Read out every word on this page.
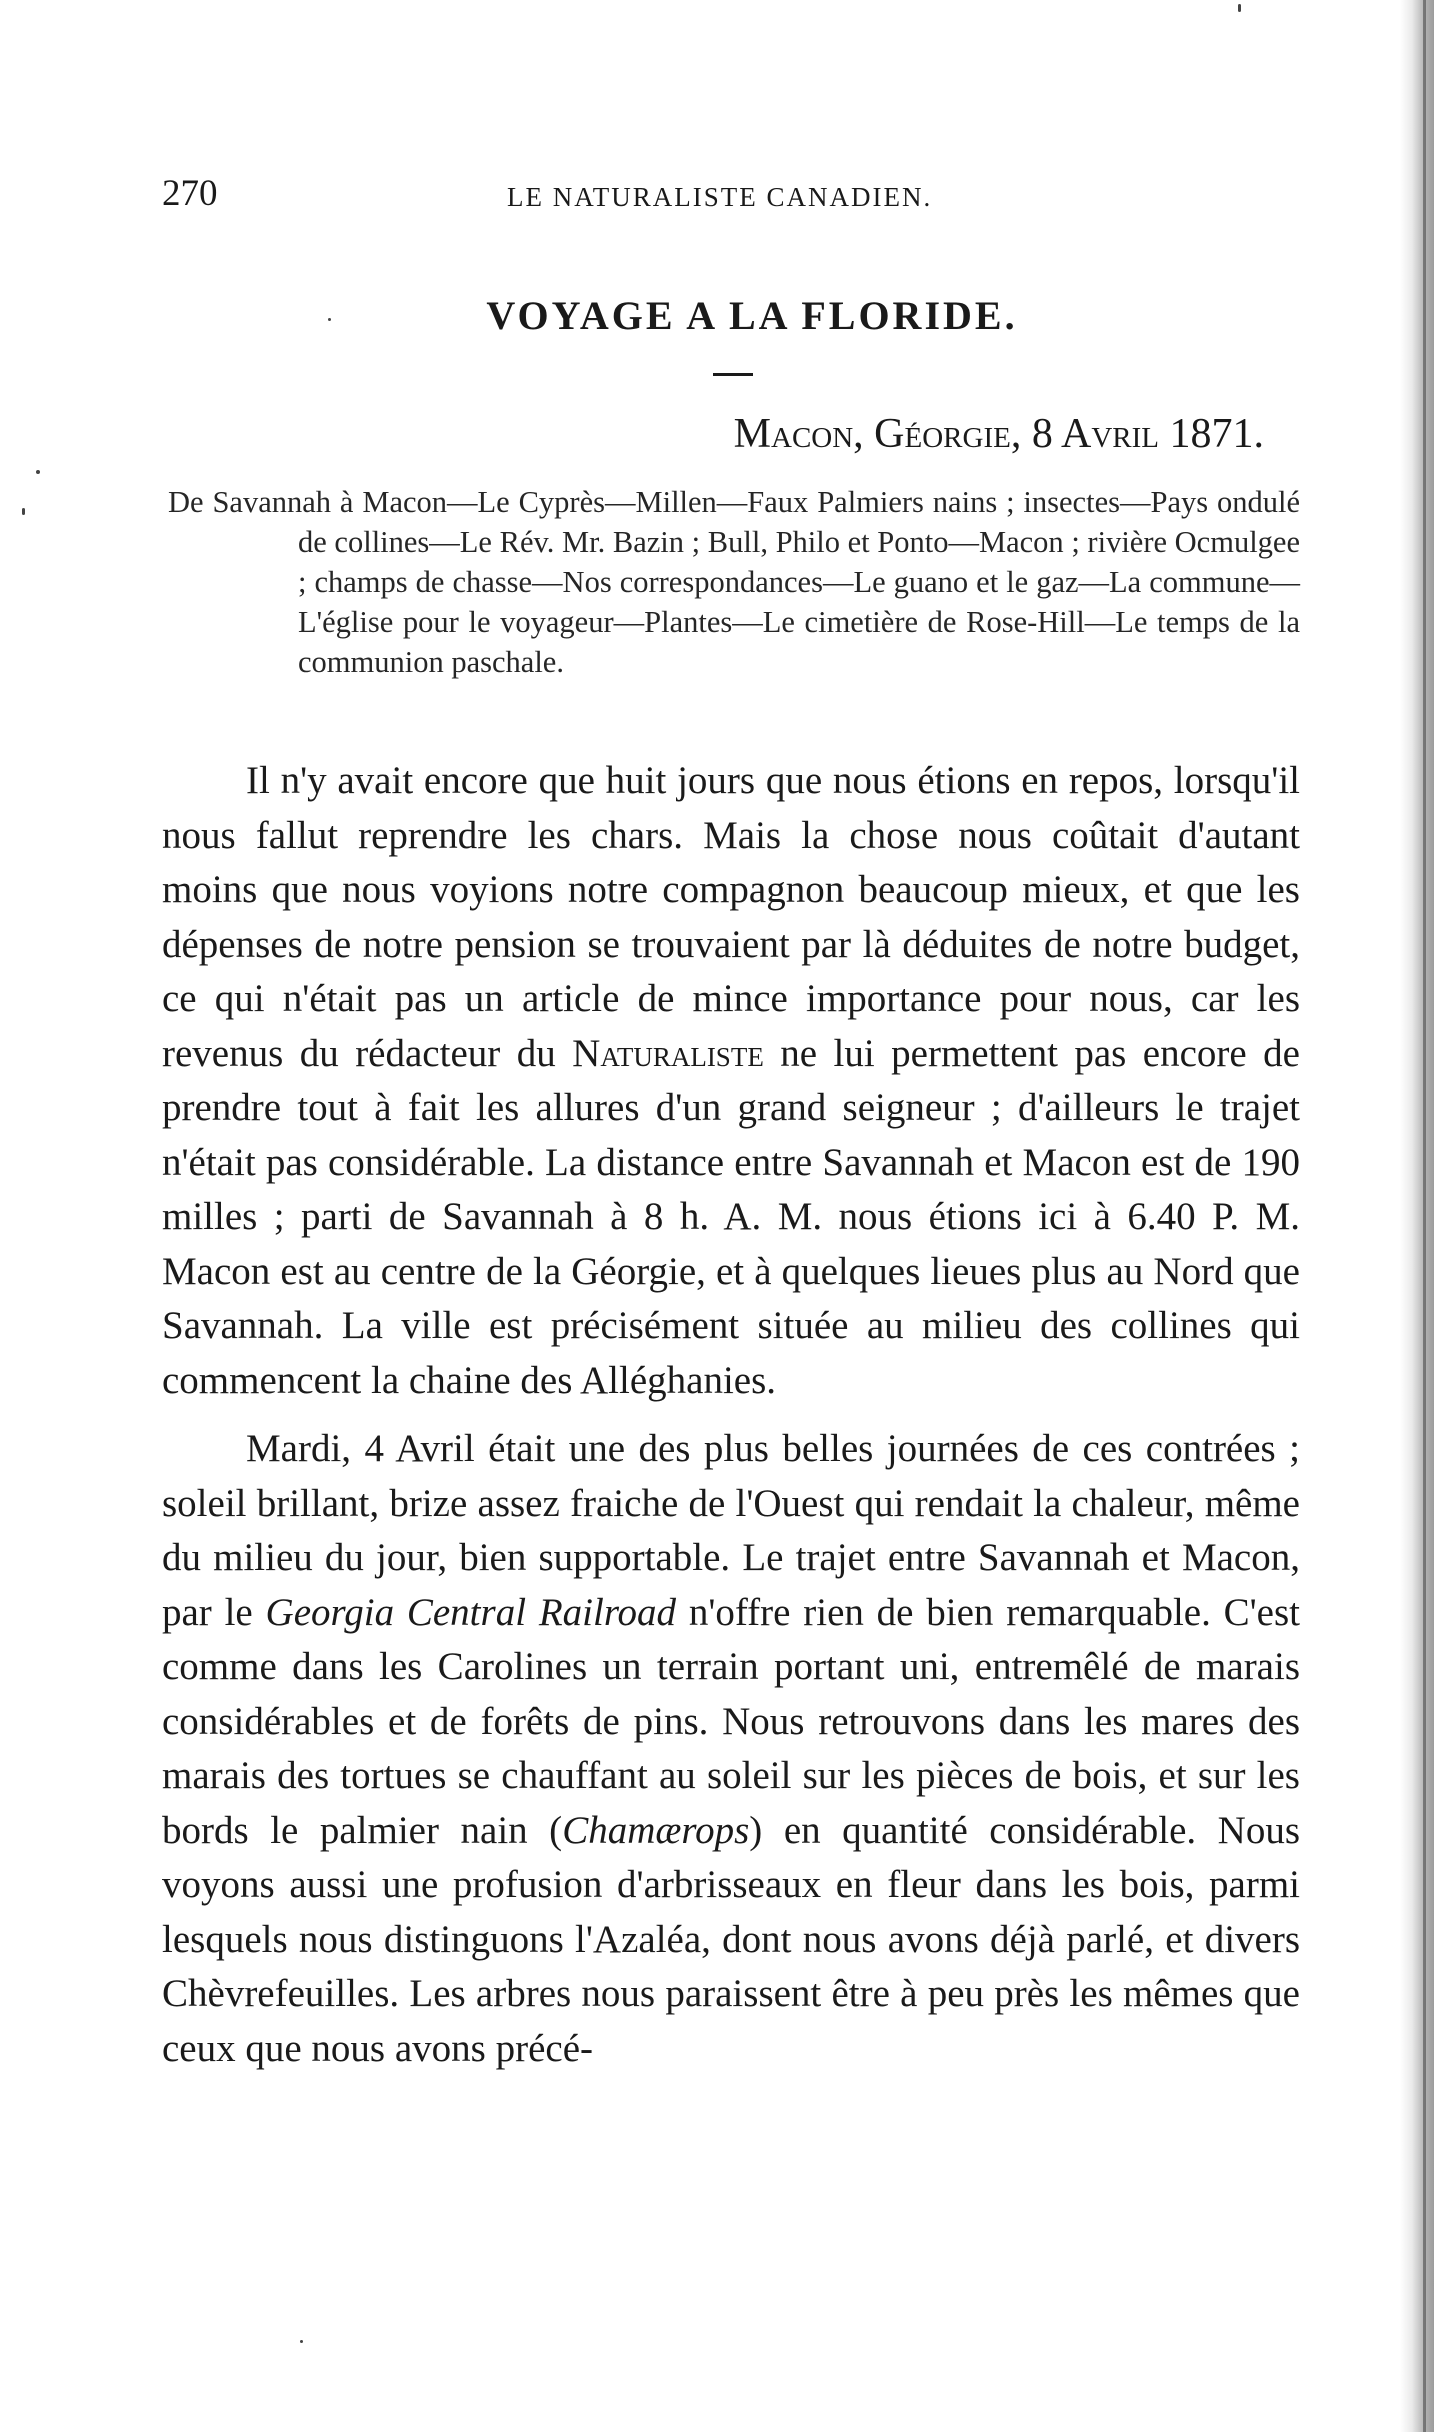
270	LE NATURALISTE CANADIEN.
VOYAGE A LA FLORIDE.
Macon, Géorgie, 8 Avril 1871.
De Savannah à Macon—Le Cyprès—Millen—Faux Palmiers nains ; insectes—Pays ondulé de collines—Le Rév. Mr. Bazin ; Bull, Philo et Ponto—Macon ; rivière Ocmulgee ; champs de chasse—Nos correspondances—Le guano et le gaz—La commune—L'église pour le voyageur—Plantes—Le cimetière de Rose-Hill—Le temps de la communion paschale.

Il n'y avait encore que huit jours que nous étions en repos, lorsqu'il nous fallut reprendre les chars. Mais la chose nous coûtait d'autant moins que nous voyions notre compagnon beaucoup mieux, et que les dépenses de notre pension se trouvaient par là déduites de notre budget, ce qui n'était pas un article de mince importance pour nous, car les revenus du rédacteur du Naturaliste ne lui permettent pas encore de prendre tout à fait les allures d'un grand seigneur ; d'ailleurs le trajet n'était pas considérable. La distance entre Savannah et Macon est de 190 milles ; parti de Savannah à 8 h. A. M. nous étions ici à 6.40 P. M. Macon est au centre de la Géorgie, et à quelques lieues plus au Nord que Savannah. La ville est précisément située au milieu des collines qui commencent la chaine des Alléghanies.

Mardi, 4 Avril était une des plus belles journées de ces contrées ; soleil brillant, brize assez fraiche de l'Ouest qui rendait la chaleur, même du milieu du jour, bien supportable. Le trajet entre Savannah et Macon, par le Georgia Central Railroad n'offre rien de bien remarquable. C'est comme dans les Carolines un terrain portant uni, entremêlé de marais considérables et de forêts de pins. Nous retrouvons dans les mares des marais des tortues se chauffant au soleil sur les pièces de bois, et sur les bords le palmier nain (Chamærops) en quantité considérable. Nous voyons aussi une profusion d'arbrisseaux en fleur dans les bois, parmi lesquels nous distinguons l'Azaléa, dont nous avons déjà parlé, et divers Chèvrefeuilles. Les arbres nous paraissent être à peu près les mêmes que ceux que nous avons précé-
